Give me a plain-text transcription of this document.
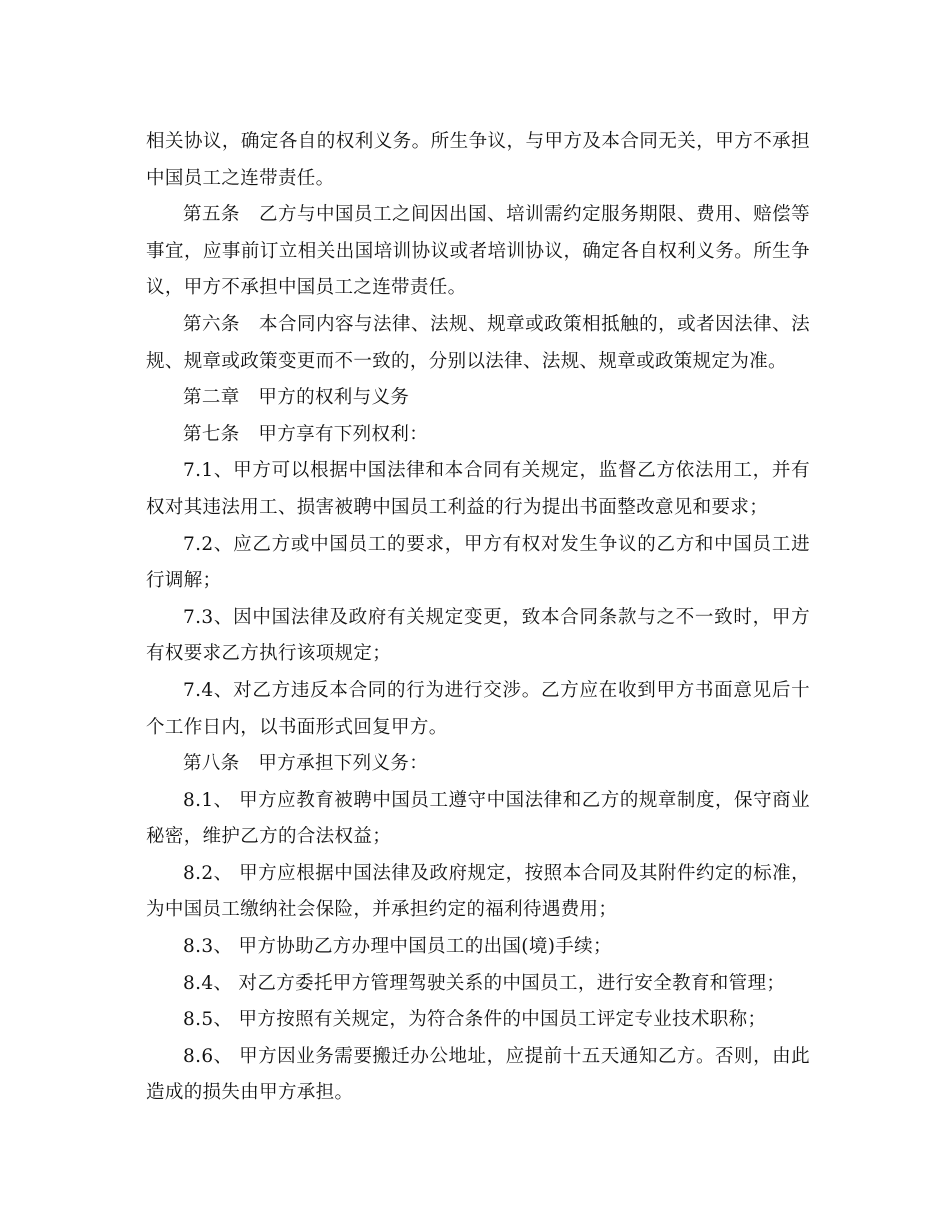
相关协议，确定各自的权利义务。所生争议，与甲方及本合同无关，甲方不承担中国员工之连带责任。

第五条　乙方与中国员工之间因出国、培训需约定服务期限、费用、赔偿等事宜，应事前订立相关出国培训协议或者培训协议，确定各自权利义务。所生争议，甲方不承担中国员工之连带责任。

第六条　本合同内容与法律、法规、规章或政策相抵触的，或者因法律、法规、规章或政策变更而不一致的，分别以法律、法规、规章或政策规定为准。

第二章　甲方的权利与义务

第七条　甲方享有下列权利：

7.1、甲方可以根据中国法律和本合同有关规定，监督乙方依法用工，并有权对其违法用工、损害被聘中国员工利益的行为提出书面整改意见和要求；

7.2、应乙方或中国员工的要求，甲方有权对发生争议的乙方和中国员工进行调解；

7.3、因中国法律及政府有关规定变更，致本合同条款与之不一致时，甲方有权要求乙方执行该项规定；

7.4、对乙方违反本合同的行为进行交涉。乙方应在收到甲方书面意见后十个工作日内，以书面形式回复甲方。

第八条　甲方承担下列义务：

8.1、 甲方应教育被聘中国员工遵守中国法律和乙方的规章制度，保守商业秘密，维护乙方的合法权益；

8.2、 甲方应根据中国法律及政府规定，按照本合同及其附件约定的标准，为中国员工缴纳社会保险，并承担约定的福利待遇费用；

8.3、 甲方协助乙方办理中国员工的出国(境)手续；

8.4、 对乙方委托甲方管理驾驶关系的中国员工，进行安全教育和管理；

8.5、 甲方按照有关规定，为符合条件的中国员工评定专业技术职称；

8.6、 甲方因业务需要搬迁办公地址，应提前十五天通知乙方。否则，由此造成的损失由甲方承担。
